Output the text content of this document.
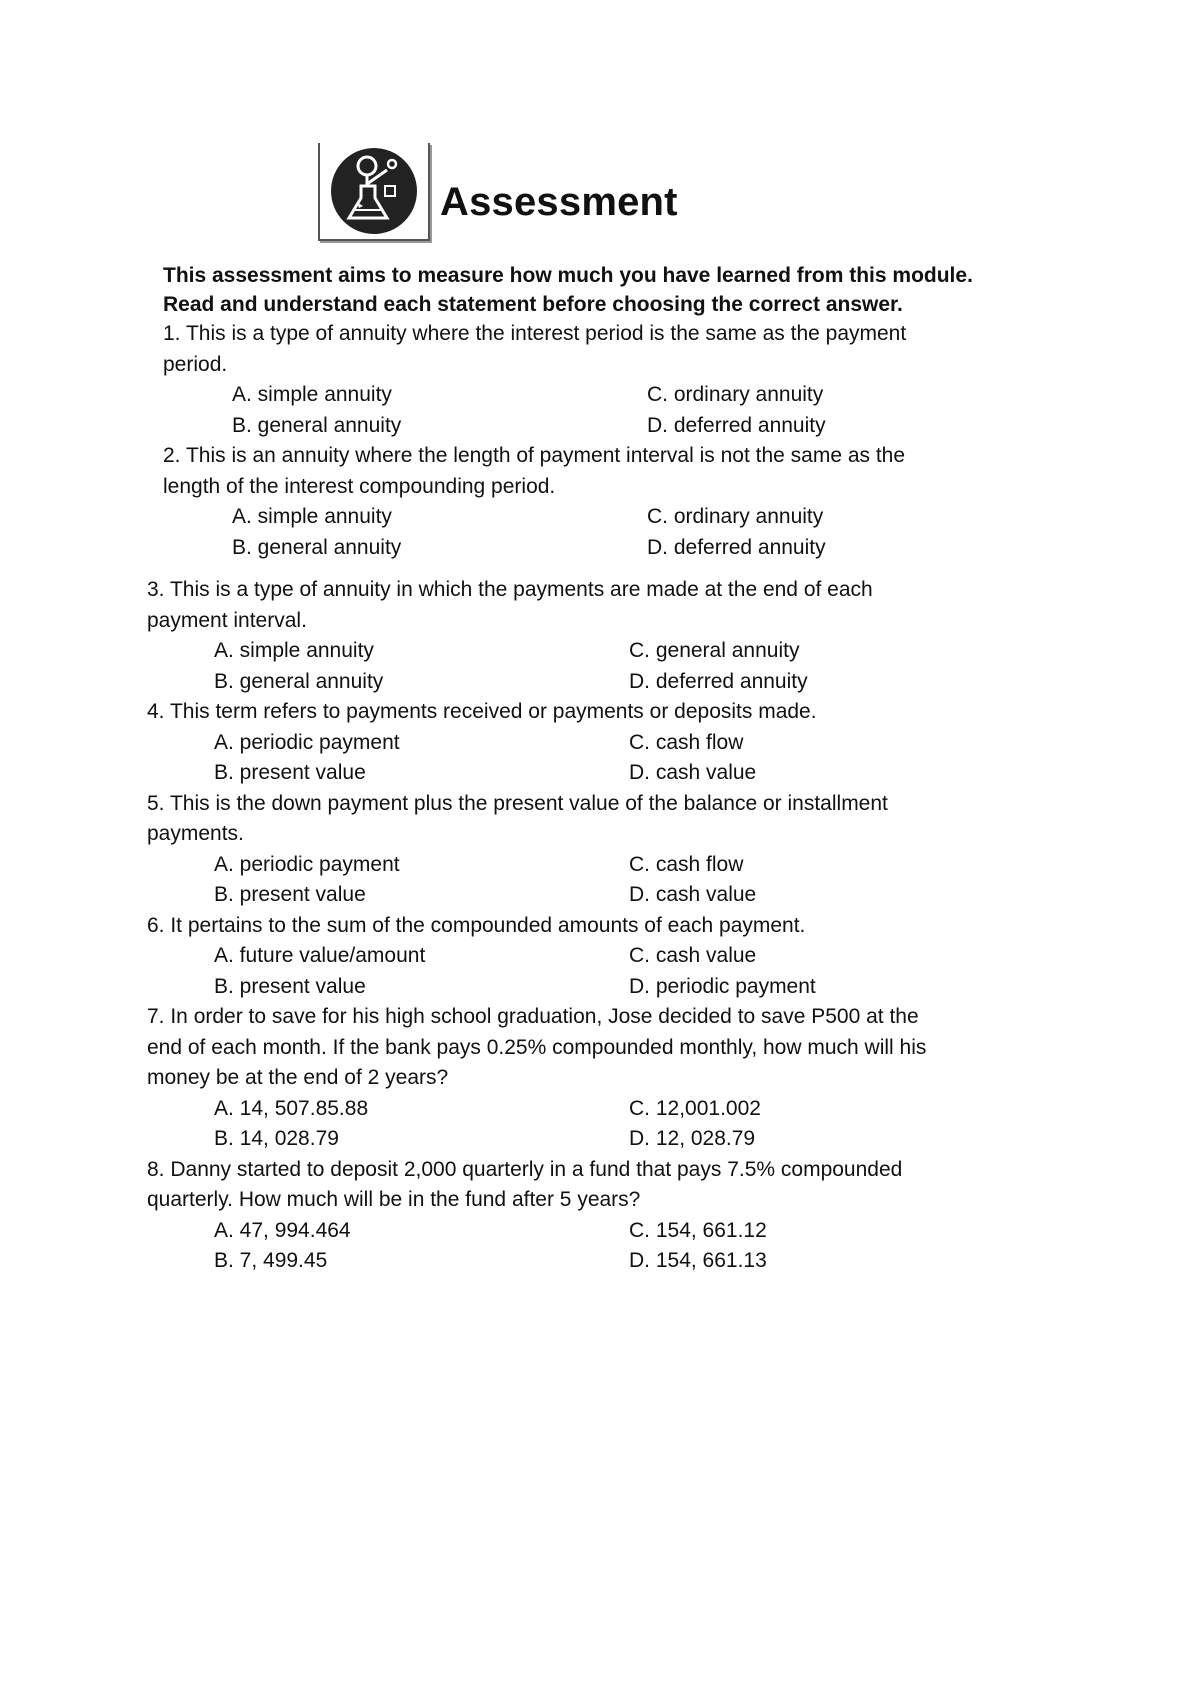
Assessment
This assessment aims to measure how much you have learned from this module.
Read and understand each statement before choosing the correct answer.
1. This is a type of annuity where the interest period is the same as the payment
period.
A. simple annuity	C. ordinary annuity
B. general annuity	D. deferred annuity
2. This is an annuity where the length of payment interval is not the same as the
length of the interest compounding period.
A. simple annuity	C. ordinary annuity
B. general annuity	D. deferred annuity
3. This is a type of annuity in which the payments are made at the end of each
payment interval.
A. simple annuity	C. general annuity
B. general annuity	D. deferred annuity
4. This term refers to payments received or payments or deposits made.
A. periodic payment	C. cash flow
B. present value	D. cash value
5. This is the down payment plus the present value of the balance or installment
payments.
A. periodic payment	C. cash flow
B. present value	D. cash value
6. It pertains to the sum of the compounded amounts of each payment.
A. future value/amount	C. cash value
B. present value	D. periodic payment
7. In order to save for his high school graduation, Jose decided to save P500 at the
end of each month. If the bank pays 0.25% compounded monthly, how much will his
money be at the end of 2 years?
A. 14, 507.85.88	C. 12,001.002
B. 14, 028.79	D. 12, 028.79
8. Danny started to deposit 2,000 quarterly in a fund that pays 7.5% compounded
quarterly. How much will be in the fund after 5 years?
A. 47, 994.464	C. 154, 661.12
B. 7, 499.45	D. 154, 661.13
